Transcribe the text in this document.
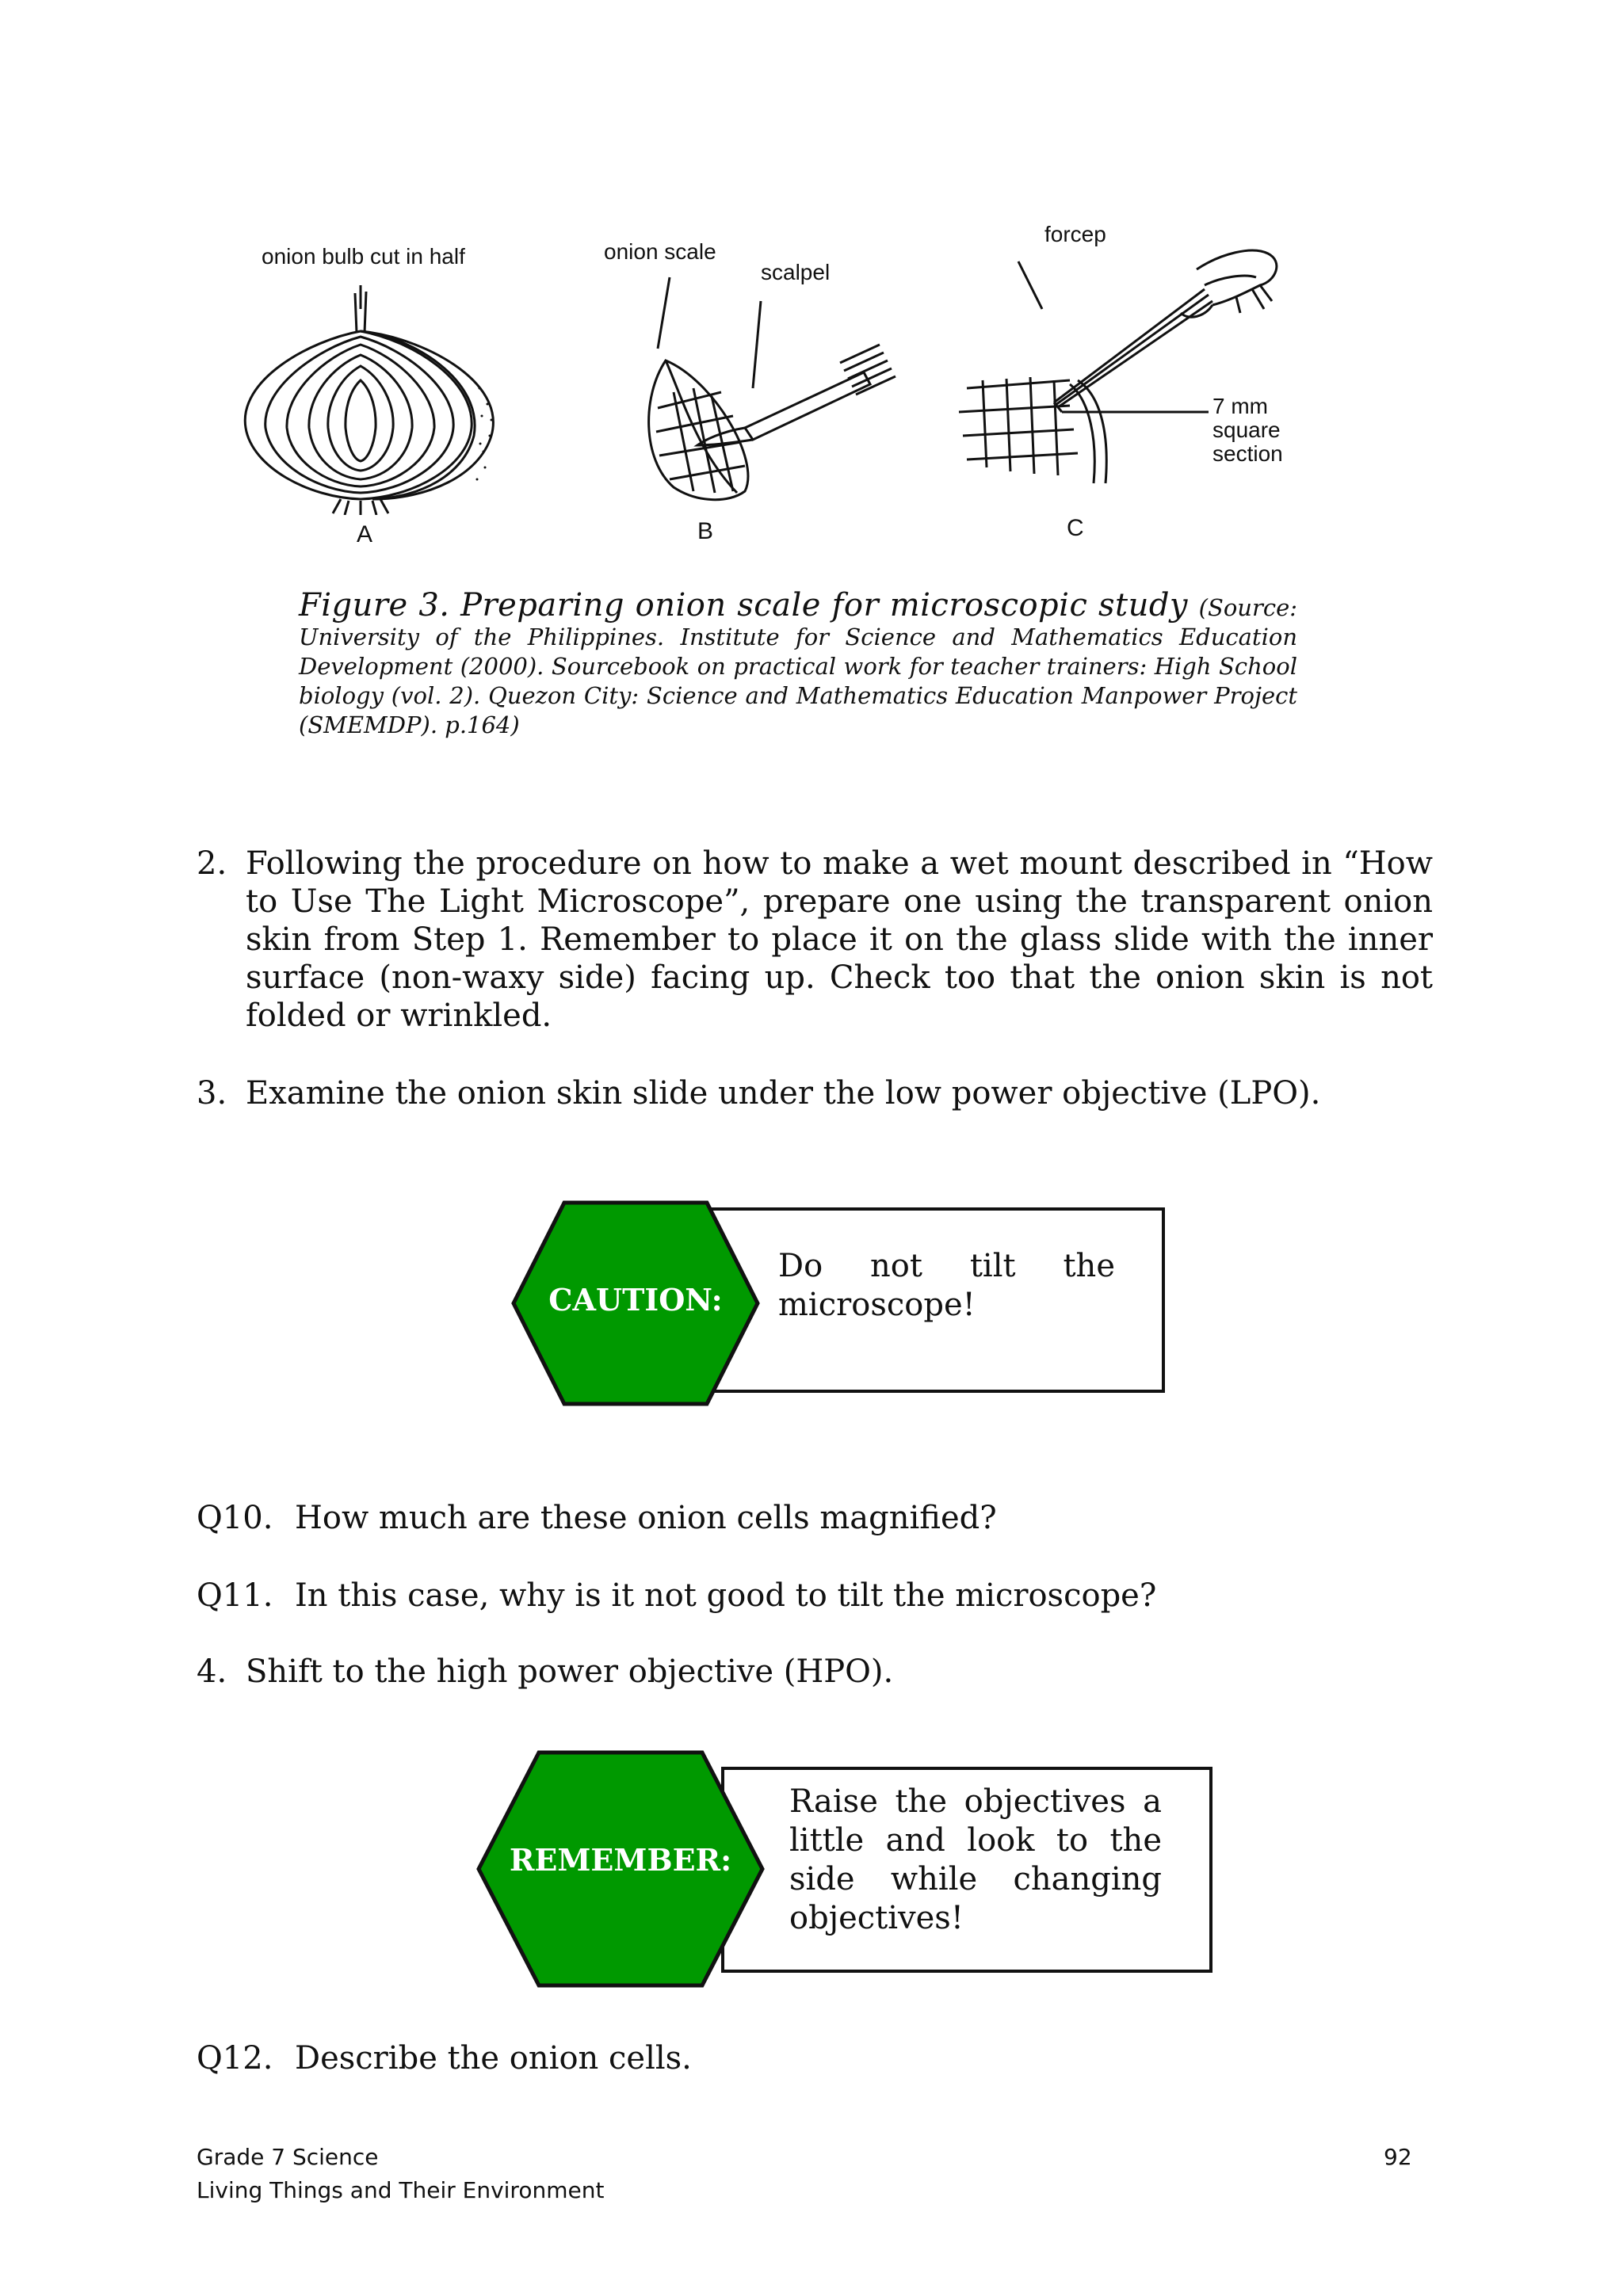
onion bulb cut in half	onion scale
scalpel
forcep
7 mm
square
section
A	B	C
Figure 3. Preparing onion scale for microscopic study (Source: University of the Philippines. Institute for Science and Mathematics Education Development (2000). Sourcebook on practical work for teacher trainers: High School biology (vol. 2). Quezon City: Science and Mathematics Education Manpower Project (SMEMDP). p.164)
2. Following the procedure on how to make a wet mount described in “How to Use The Light Microscope”, prepare one using the transparent onion skin from Step 1. Remember to place it on the glass slide with the inner surface (non-waxy side) facing up. Check too that the onion skin is not folded or wrinkled.
3. Examine the onion skin slide under the low power objective (LPO).
CAUTION:
Do not tilt the microscope!
Q10. How much are these onion cells magnified?
Q11. In this case, why is it not good to tilt the microscope?
4. Shift to the high power objective (HPO).
REMEMBER:
Raise the objectives a little and look to the side while changing objectives!
Q12. Describe the onion cells.
Grade 7 Science
Living Things and Their Environment
92
